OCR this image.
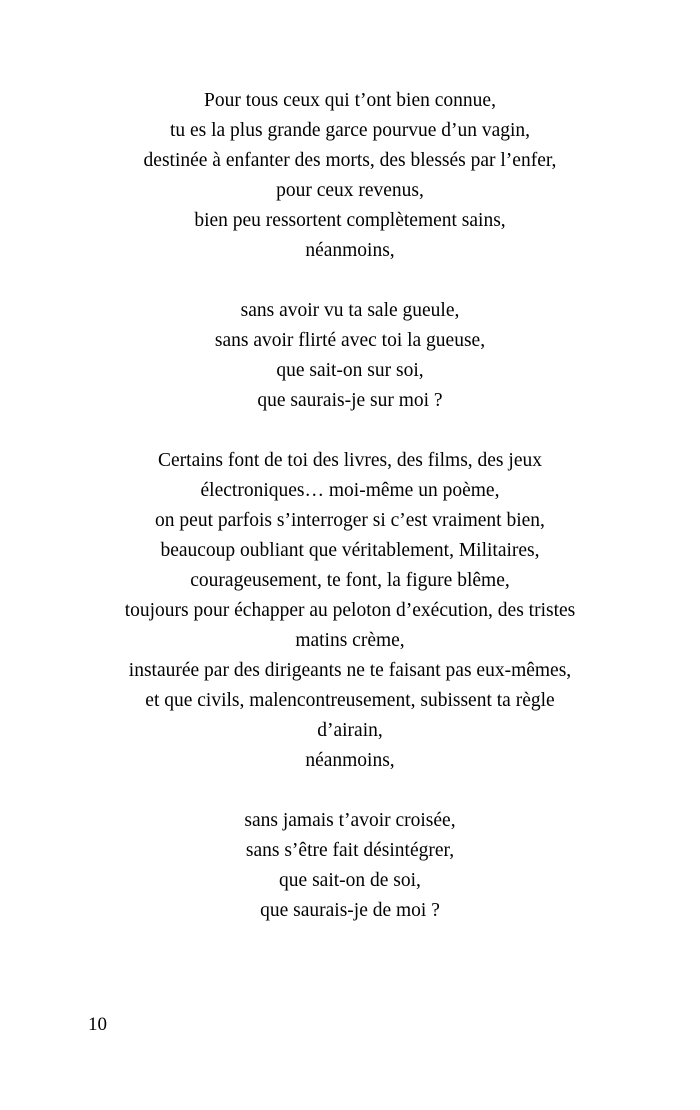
Pour tous ceux qui t’ont bien connue,
tu es la plus grande garce pourvue d’un vagin,
destinée à enfanter des morts, des blessés par l’enfer,
pour ceux revenus,
bien peu ressortent complètement sains,
néanmoins,
sans avoir vu ta sale gueule,
sans avoir flirté avec toi la gueuse,
que sait-on sur soi,
que saurais-je sur moi ?
Certains font de toi des livres, des films, des jeux
électroniques… moi-même un poème,
on peut parfois s’interroger si c’est vraiment bien,
beaucoup oubliant que véritablement, Militaires,
courageusement, te font, la figure blême,
toujours pour échapper au peloton d’exécution, des tristes
matins crème,
instaurée par des dirigeants ne te faisant pas eux-mêmes,
et que civils, malencontreusement, subissent ta règle
d’airain,
néanmoins,
sans jamais t’avoir croisée,
sans s’être fait désintégrer,
que sait-on de soi,
que saurais-je de moi ?
10
